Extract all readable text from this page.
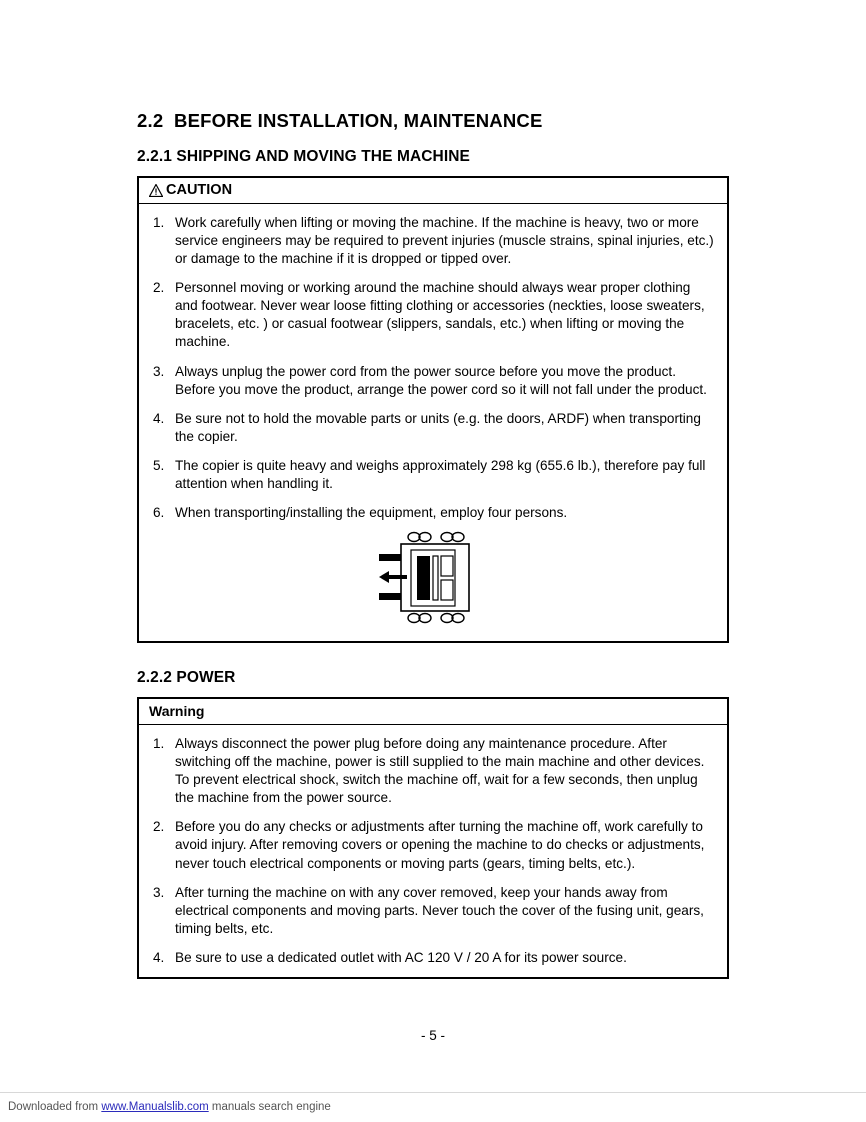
2.2 BEFORE INSTALLATION, MAINTENANCE
2.2.1 SHIPPING AND MOVING THE MACHINE
CAUTION
1. Work carefully when lifting or moving the machine. If the machine is heavy, two or more service engineers may be required to prevent injuries (muscle strains, spinal injuries, etc.) or damage to the machine if it is dropped or tipped over.
2. Personnel moving or working around the machine should always wear proper clothing and footwear. Never wear loose fitting clothing or accessories (neckties, loose sweaters, bracelets, etc. ) or casual footwear (slippers, sandals, etc.) when lifting or moving the machine.
3. Always unplug the power cord from the power source before you move the product. Before you move the product, arrange the power cord so it will not fall under the product.
4. Be sure not to hold the movable parts or units (e.g. the doors, ARDF) when transporting the copier.
5. The copier is quite heavy and weighs approximately 298 kg (655.6 lb.), therefore pay full attention when handling it.
6. When transporting/installing the equipment, employ four persons.
2.2.2 POWER
Warning
1. Always disconnect the power plug before doing any maintenance procedure. After switching off the machine, power is still supplied to the main machine and other devices. To prevent electrical shock, switch the machine off, wait for a few seconds, then unplug the machine from the power source.
2. Before you do any checks or adjustments after turning the machine off, work carefully to avoid injury. After removing covers or opening the machine to do checks or adjustments, never touch electrical components or moving parts (gears, timing belts, etc.).
3. After turning the machine on with any cover removed, keep your hands away from electrical components and moving parts. Never touch the cover of the fusing unit, gears, timing belts, etc.
4. Be sure to use a dedicated outlet with AC 120 V / 20 A for its power source.
- 5 -
Downloaded from www.Manualslib.com manuals search engine
